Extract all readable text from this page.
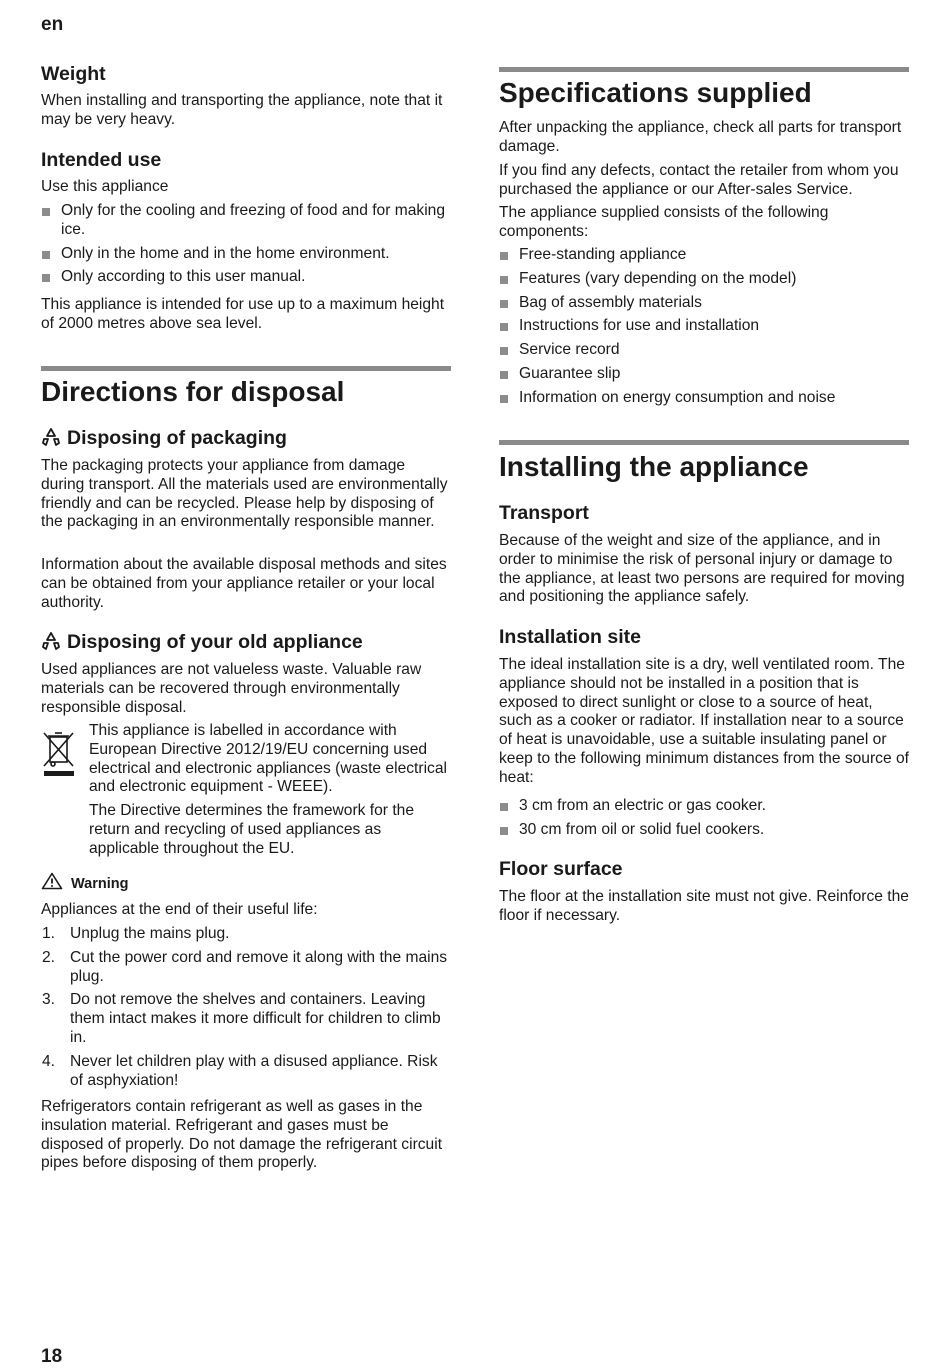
en
Weight
When installing and transporting the appliance, note that it may be very heavy.
Intended use
Use this appliance
Only for the cooling and freezing of food and for making ice.
Only in the home and in the home environment.
Only according to this user manual.
This appliance is intended for use up to a maximum height of 2000 metres above sea level.
Directions for disposal
Disposing of packaging
The packaging protects your appliance from damage during transport. All the materials used are environmentally friendly and can be recycled. Please help by disposing of the packaging in an environmentally responsible manner.
Information about the available disposal methods and sites can be obtained from your appliance retailer or your local authority.
Disposing of your old appliance
Used appliances are not valueless waste. Valuable raw materials can be recovered through environmentally responsible disposal.
This appliance is labelled in accordance with European Directive 2012/19/EU concerning used electrical and electronic appliances (waste electrical and electronic equipment - WEEE).
The Directive determines the framework for the return and recycling of used appliances as applicable throughout the EU.
Warning
Appliances at the end of their useful life:
1. Unplug the mains plug.
2. Cut the power cord and remove it along with the mains plug.
3. Do not remove the shelves and containers. Leaving them intact makes it more difficult for children to climb in.
4. Never let children play with a disused appliance. Risk of asphyxiation!
Refrigerators contain refrigerant as well as gases in the insulation material. Refrigerant and gases must be disposed of properly. Do not damage the refrigerant circuit pipes before disposing of them properly.
Specifications supplied
After unpacking the appliance, check all parts for transport damage.
If you find any defects, contact the retailer from whom you purchased the appliance or our After-sales Service.
The appliance supplied consists of the following components:
Free-standing appliance
Features (vary depending on the model)
Bag of assembly materials
Instructions for use and installation
Service record
Guarantee slip
Information on energy consumption and noise
Installing the appliance
Transport
Because of the weight and size of the appliance, and in order to minimise the risk of personal injury or damage to the appliance, at least two persons are required for moving and positioning the appliance safely.
Installation site
The ideal installation site is a dry, well ventilated room. The appliance should not be installed in a position that is exposed to direct sunlight or close to a source of heat, such as a cooker or radiator. If installation near to a source of heat is unavoidable, use a suitable insulating panel or keep to the following minimum distances from the source of heat:
3 cm from an electric or gas cooker.
30 cm from oil or solid fuel cookers.
Floor surface
The floor at the installation site must not give. Reinforce the floor if necessary.
18
